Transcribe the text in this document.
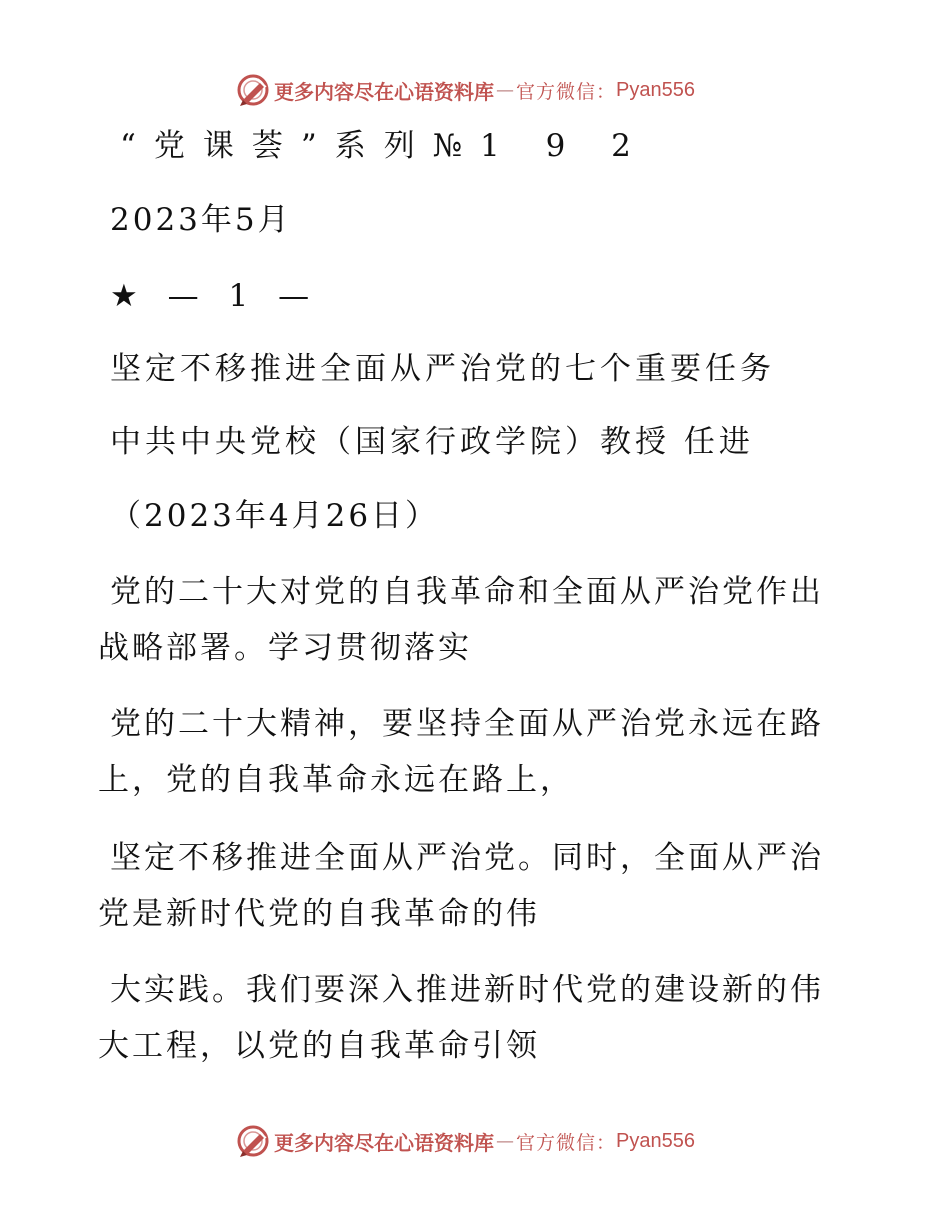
更多内容尽在心语资料库 — 官方微信： Pyan556
“党课荟”系列№1 9 2
2023年5月
★ — 1 —
坚定不移推进全面从严治党的七个重要任务
中共中央党校（国家行政学院）教授 任进
（2023年4月26日）
党的二十大对党的自我革命和全面从严治党作出
战略部署。学习贯彻落实
党的二十大精神，要坚持全面从严治党永远在路
上，党的自我革命永远在路上，
坚定不移推进全面从严治党。同时，全面从严治
党是新时代党的自我革命的伟
大实践。我们要深入推进新时代党的建设新的伟
大工程，以党的自我革命引领
更多内容尽在心语资料库 — 官方微信： Pyan556
